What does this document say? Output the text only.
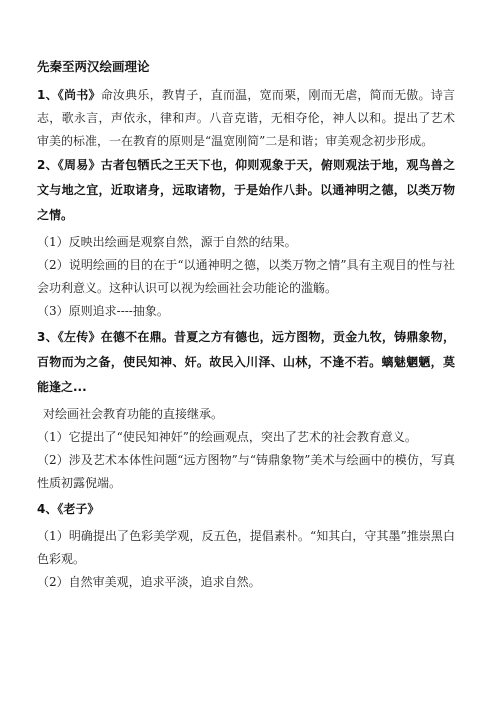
先秦至两汉绘画理论

1、《尚书》命汝典乐，教胄子，直而温，宽而栗，刚而无虐，简而无傲。诗言志，歌永言，声依永，律和声。八音克谐，无相夺伦，神人以和。提出了艺术审美的标准，一在教育的原则是“温宽刚简”二是和谐；审美观念初步形成。

2、《周易》古者包牺氏之王天下也，仰则观象于天，俯则观法于地，观鸟兽之文与地之宜，近取诸身，远取诸物，于是始作八卦。以通神明之德，以类万物之情。

（1）反映出绘画是观察自然，源于自然的结果。

（2）说明绘画的目的在于“以通神明之德，以类万物之情”具有主观目的性与社会功利意义。这种认识可以视为绘画社会功能论的滥觞。

（3）原则追求----抽象。

3、《左传》在德不在鼎。昔夏之方有德也，远方图物，贡金九牧，铸鼎象物，百物而为之备，使民知神、奸。故民入川泽、山林，不逢不若。螭魅魍魉，莫能逢之...

对绘画社会教育功能的直接继承。

（1）它提出了“使民知神奸”的绘画观点，突出了艺术的社会教育意义。

（2）涉及艺术本体性问题“远方图物”与“铸鼎象物”美术与绘画中的模仿，写真性质初露倪端。

4、《老子》

（1）明确提出了色彩美学观，反五色，提倡素朴。“知其白，守其墨”推崇黑白色彩观。

（2）自然审美观，追求平淡，追求自然。
